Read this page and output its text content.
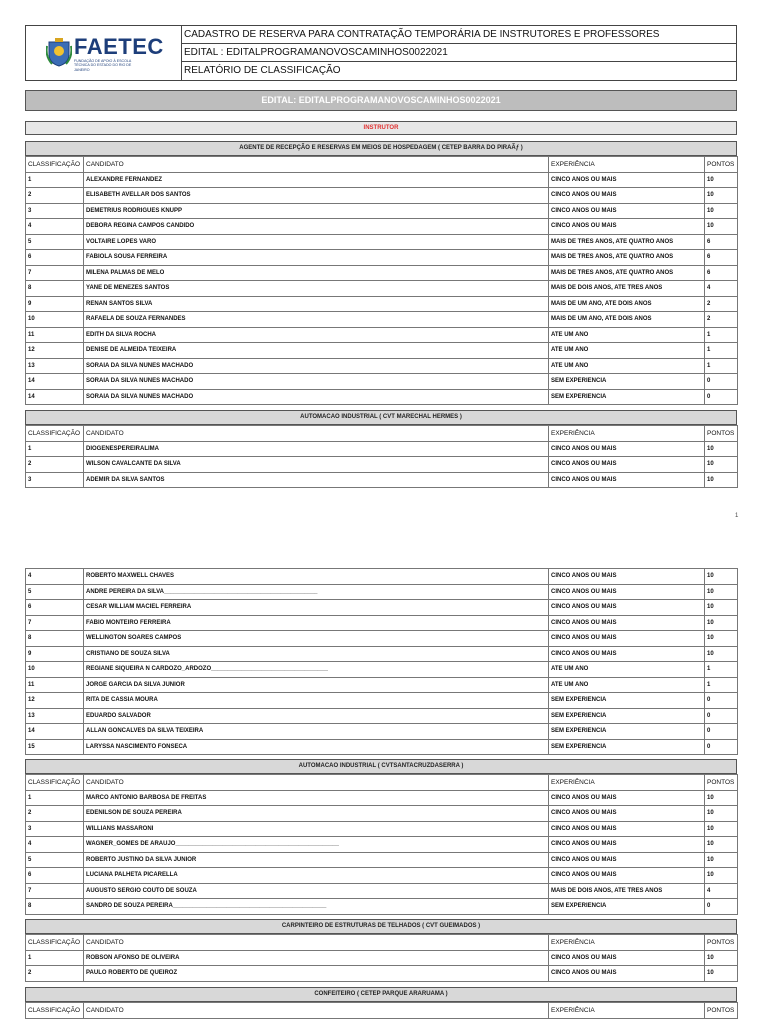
FAETEC
FUNDAÇÃO DE APOIO À ESCOLA TÉCNICA DO ESTADO DO RIO DE JANEIRO
CADASTRO DE RESERVA PARA CONTRATAÇÃO TEMPORÁRIA DE INSTRUTORES E PROFESSORES
EDITAL : EDITALPROGRAMANOVOSCAMINHOS0022021
RELATÓRIO DE CLASSIFICAÇÃO
EDITAL: EDITALPROGRAMANOVOSCAMINHOS0022021
INSTRUTOR
AGENTE DE RECEPÇÃO E RESERVAS EM MEIOS DE HOSPEDAGEM ( CETEP BARRA DO PIRAÃƒ )
CLASSIFICAÇÃO	CANDIDATO	EXPERIÊNCIA	PONTOS
1	ALEXANDRE FERNANDEZ	CINCO ANOS OU MAIS	10
2	ELISABETH AVELLAR DOS SANTOS	CINCO ANOS OU MAIS	10
3	DEMETRIUS RODRIGUES KNUPP	CINCO ANOS OU MAIS	10
4	DEBORA REGINA CAMPOS CANDIDO	CINCO ANOS OU MAIS	10
5	VOLTAIRE LOPES VARO	MAIS DE TRES ANOS, ATE QUATRO ANOS	6
6	FABIOLA SOUSA FERREIRA	MAIS DE TRES ANOS, ATE QUATRO ANOS	6
7	MILENA PALMAS DE MELO	MAIS DE TRES ANOS, ATE QUATRO ANOS	6
8	YANE DE MENEZES SANTOS	MAIS DE DOIS ANOS, ATE TRES ANOS	4
9	RENAN SANTOS SILVA	MAIS DE UM ANO, ATE DOIS ANOS	2
10	RAFAELA DE SOUZA FERNANDES	MAIS DE UM ANO, ATE DOIS ANOS	2
11	EDITH DA SILVA ROCHA	ATE UM ANO	1
12	DENISE DE ALMEIDA TEIXEIRA	ATE UM ANO	1
13	SORAIA DA SILVA NUNES MACHADO	ATE UM ANO	1
14	SORAIA DA SILVA NUNES MACHADO	SEM EXPERIENCIA	0
14	SORAIA DA SILVA NUNES MACHADO	SEM EXPERIENCIA	0
AUTOMACAO INDUSTRIAL ( CVT MARECHAL HERMES )
CLASSIFICAÇÃO	CANDIDATO	EXPERIÊNCIA	PONTOS
1	DIOGENESPEREIRALIMA	CINCO ANOS OU MAIS	10
2	WILSON CAVALCANTE DA SILVA	CINCO ANOS OU MAIS	10
3	ADEMIR DA SILVA SANTOS	CINCO ANOS OU MAIS	10
4	ROBERTO MAXWELL CHAVES	CINCO ANOS OU MAIS	10
5	ANDRE PEREIRA DA SILVA______________________________________________	CINCO ANOS OU MAIS	10
6	CESAR WILLIAM MACIEL FERREIRA	CINCO ANOS OU MAIS	10
7	FABIO MONTEIRO FERREIRA	CINCO ANOS OU MAIS	10
8	WELLINGTON SOARES CAMPOS	CINCO ANOS OU MAIS	10
9	CRISTIANO DE SOUZA SILVA	CINCO ANOS OU MAIS	10
10	REGIANE SIQUEIRA N CARDOZO_ARDOZO___________________________________	ATE UM ANO	1
11	JORGE GARCIA DA SILVA JUNIOR	ATE UM ANO	1
12	RITA DE CASSIA MOURA	SEM EXPERIENCIA	0
13	EDUARDO SALVADOR	SEM EXPERIENCIA	0
14	ALLAN GONCALVES DA SILVA TEIXEIRA	SEM EXPERIENCIA	0
15	LARYSSA NASCIMENTO FONSECA	SEM EXPERIENCIA	0
AUTOMACAO INDUSTRIAL ( CVTSANTACRUZDASERRA )
CLASSIFICAÇÃO	CANDIDATO	EXPERIÊNCIA	PONTOS
1	MARCO ANTONIO BARBOSA DE FREITAS	CINCO ANOS OU MAIS	10
2	EDENILSON DE SOUZA PEREIRA	CINCO ANOS OU MAIS	10
3	WILLIANS MASSARONI	CINCO ANOS OU MAIS	10
4	WAGNER_GOMES DE ARAUJO_________________________________________________	CINCO ANOS OU MAIS	10
5	ROBERTO JUSTINO DA SILVA JUNIOR	CINCO ANOS OU MAIS	10
6	LUCIANA PALHETA PICARELLA	CINCO ANOS OU MAIS	10
7	AUGUSTO SERGIO COUTO DE SOUZA	MAIS DE DOIS ANOS, ATE TRES ANOS	4
8	SANDRO DE SOUZA PEREIRA______________________________________________	SEM EXPERIENCIA	0
CARPINTEIRO DE ESTRUTURAS DE TELHADOS ( CVT GUEIMADOS )
CLASSIFICAÇÃO	CANDIDATO	EXPERIÊNCIA	PONTOS
1	ROBSON AFONSO DE OLIVEIRA	CINCO ANOS OU MAIS	10
2	PAULO ROBERTO DE QUEIROZ	CINCO ANOS OU MAIS	10
CONFEITEIRO ( CETEP PARQUE ARARUAMA )
CLASSIFICAÇÃO	CANDIDATO	EXPERIÊNCIA	PONTOS
1
